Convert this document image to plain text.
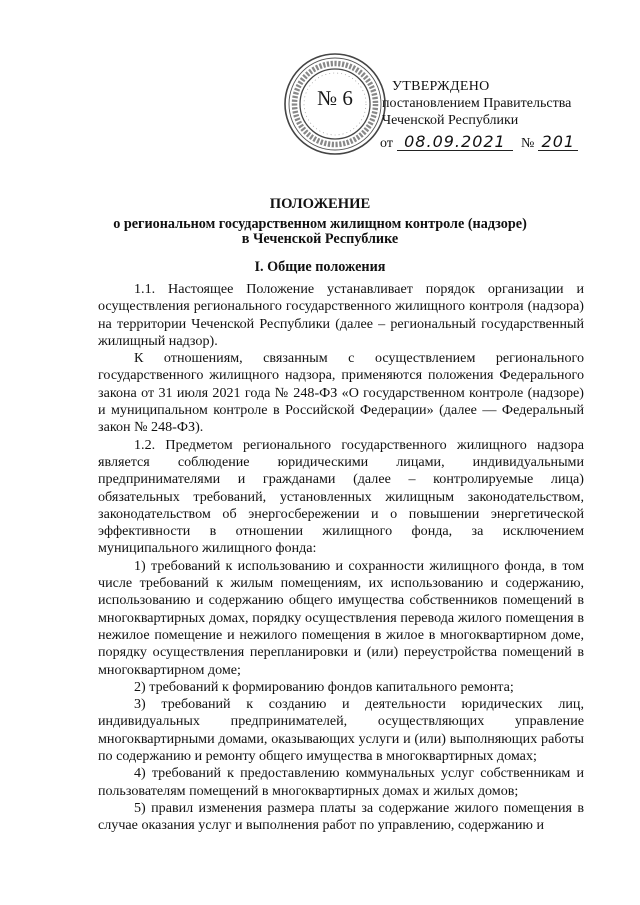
№ 6	УТВЕРЖДЕНО
постановлением Правительства
Чеченской Республики
от 08.09.2021	№ 201
ПОЛОЖЕНИЕ
о региональном государственном жилищном контроле (надзоре)
в Чеченской Республике
I. Общие положения

1.1. Настоящее Положение устанавливает порядок организации и осуществления регионального государственного жилищного контроля (надзора) на территории Чеченской Республики (далее – региональный государственный жилищный надзор).

К отношениям, связанным с осуществлением регионального государственного жилищного надзора, применяются положения Федерального закона от 31 июля 2021 года № 248-ФЗ «О государственном контроле (надзоре) и муниципальном контроле в Российской Федерации» (далее — Федеральный закон № 248-ФЗ).

1.2. Предметом регионального государственного жилищного надзора является соблюдение юридическими лицами, индивидуальными предпринимателями и гражданами (далее – контролируемые лица) обязательных требований, установленных жилищным законодательством, законодательством об энергосбережении и о повышении энергетической эффективности в отношении жилищного фонда, за исключением муниципального жилищного фонда:

1) требований к использованию и сохранности жилищного фонда, в том числе требований к жилым помещениям, их использованию и содержанию, использованию и содержанию общего имущества собственников помещений в многоквартирных домах, порядку осуществления перевода жилого помещения в нежилое помещение и нежилого помещения в жилое в многоквартирном доме, порядку осуществления перепланировки и (или) переустройства помещений в многоквартирном доме;

2) требований к формированию фондов капитального ремонта;

3) требований к созданию и деятельности юридических лиц, индивидуальных предпринимателей, осуществляющих управление многоквартирными домами, оказывающих услуги и (или) выполняющих работы по содержанию и ремонту общего имущества в многоквартирных домах;

4) требований к предоставлению коммунальных услуг собственникам и пользователям помещений в многоквартирных домах и жилых домов;

5) правил изменения размера платы за содержание жилого помещения в случае оказания услуг и выполнения работ по управлению, содержанию и
